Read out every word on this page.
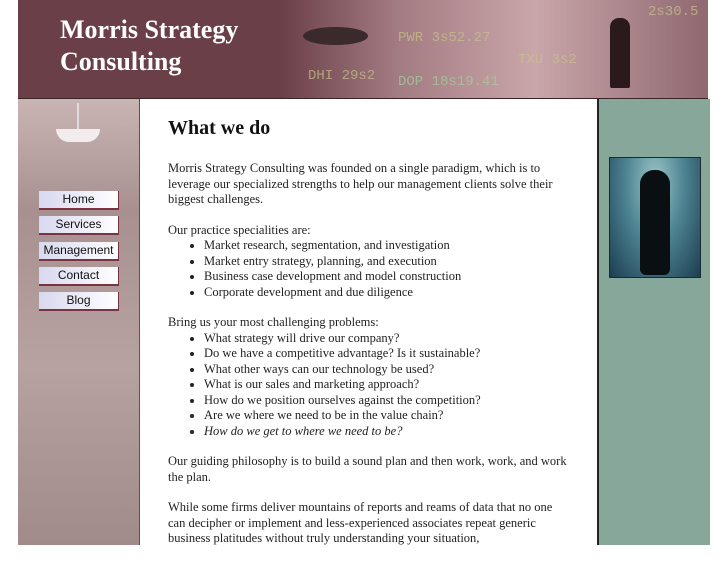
Morris Strategy
Consulting
PWR 3s52.27
TXU 3s2
DHI 29s2 DOP 18s19.41
2s30.5
Home
Services
Management
Contact
Blog
What we do

Morris Strategy Consulting was founded on a single paradigm, which is to leverage our specialized strengths to help our management clients solve their biggest challenges.

Our practice specialities are:
• Market research, segmentation, and investigation
• Market entry strategy, planning, and execution
• Business case development and model construction
• Corporate development and due diligence
Bring us your most challenging problems:
• What strategy will drive our company?
• Do we have a competitive advantage? Is it sustainable?
• What other ways can our technology be used?
• What is our sales and marketing approach?
• How do we position ourselves against the competition?
• Are we where we need to be in the value chain?
• How do we get to where we need to be?

Our guiding philosophy is to build a sound plan and then work, work, and work the plan.

While some firms deliver mountains of reports and reams of data that no one can decipher or implement and less-experienced associates repeat generic business platitudes without truly understanding your situation,
